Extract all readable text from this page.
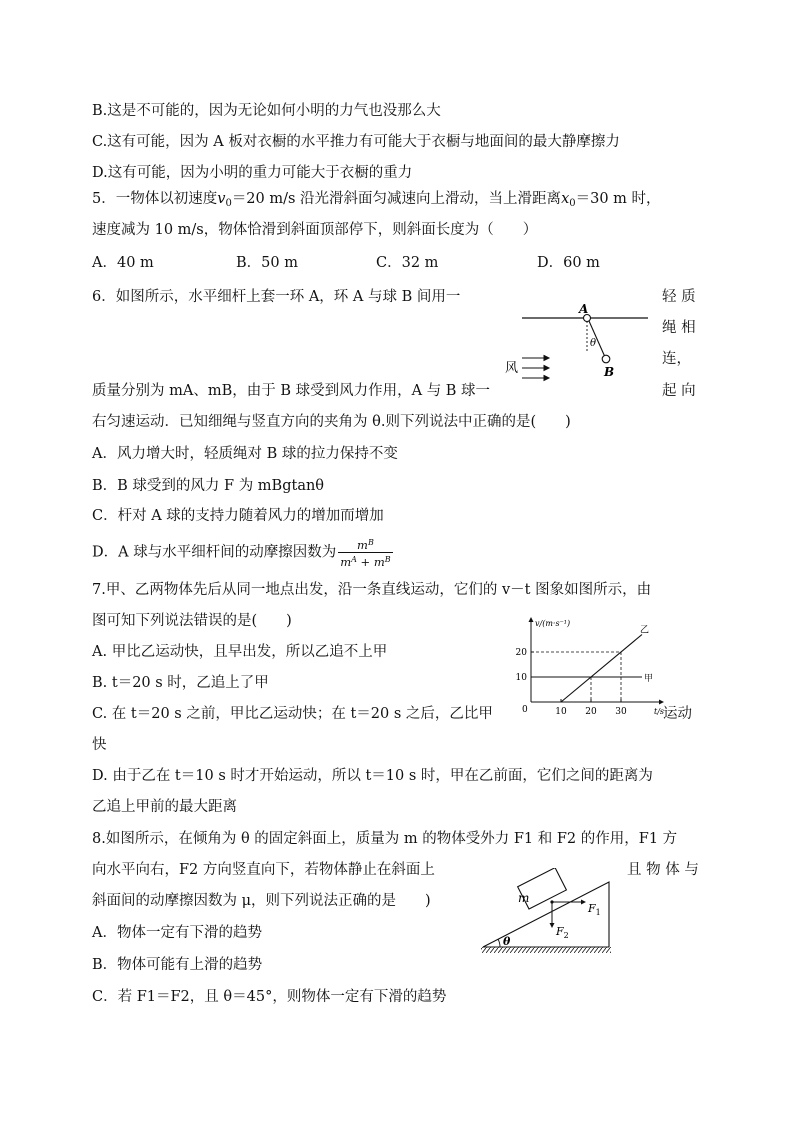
B.这是不可能的，因为无论如何小明的力气也没那么大
C.这有可能，因为 A 板对衣橱的水平推力有可能大于衣橱与地面间的最大静摩擦力
D.这有可能，因为小明的重力可能大于衣橱的重力
5．一物体以初速度$v_0=20$ m/s 沿光滑斜面匀减速向上滑动，当上滑距离$x_0=30$ m 时，
速度减为 10 m/s，物体恰滑到斜面顶部停下，则斜面长度为（　　）
A．40 m	B．50 m	C．32 m	D．60 m
6．如图所示，水平细杆上套一环 A，环 A 与球 B 间用一	轻 质
绳 相
连，
质量分别为 mA、mB，由于 B 球受到风力作用，A 与 B 球一	起 向
右匀速运动．已知细绳与竖直方向的夹角为 θ.则下列说法中正确的是(　　)
A．风力增大时，轻质绳对 B 球的拉力保持不变
B．B 球受到的风力 F 为 mBgtanθ
C．杆对 A 球的支持力随着风力的增加而增加
D．A 球与水平细杆间的动摩擦因数为 $\frac{m^B}{m^A + m^B}$
A
B
θ
风
7.甲、乙两物体先后从同一地点出发，沿一条直线运动，它们的 v－t 图象如图所示，由
图可知下列说法错误的是(　　)
A. 甲比乙运动快，且早出发，所以乙追不上甲
B. t＝20 s 时，乙追上了甲
C. 在 t＝20 s 之前，甲比乙运动快；在 t＝20 s 之后，乙比甲	运动
快
D. 由于乙在 t＝10 s 时才开始运动，所以 t＝10 s 时，甲在乙前面，它们之间的距离为
乙追上甲前的最大距离
v/(m·s⁻¹)
t/s
0	10 20 30
10
20
甲
乙
8.如图所示，在倾角为 θ 的固定斜面上，质量为 m 的物体受外力 F1 和 F2 的作用，F1 方
向水平向右，F2 方向竖直向下，若物体静止在斜面上	且 物 体 与
斜面间的动摩擦因数为 μ，则下列说法正确的是　　)
A．物体一定有下滑的趋势
B．物体可能有上滑的趋势
C．若 F1＝F2，且 θ＝45°，则物体一定有下滑的趋势
m
$F_1$
$F_2$
θ
